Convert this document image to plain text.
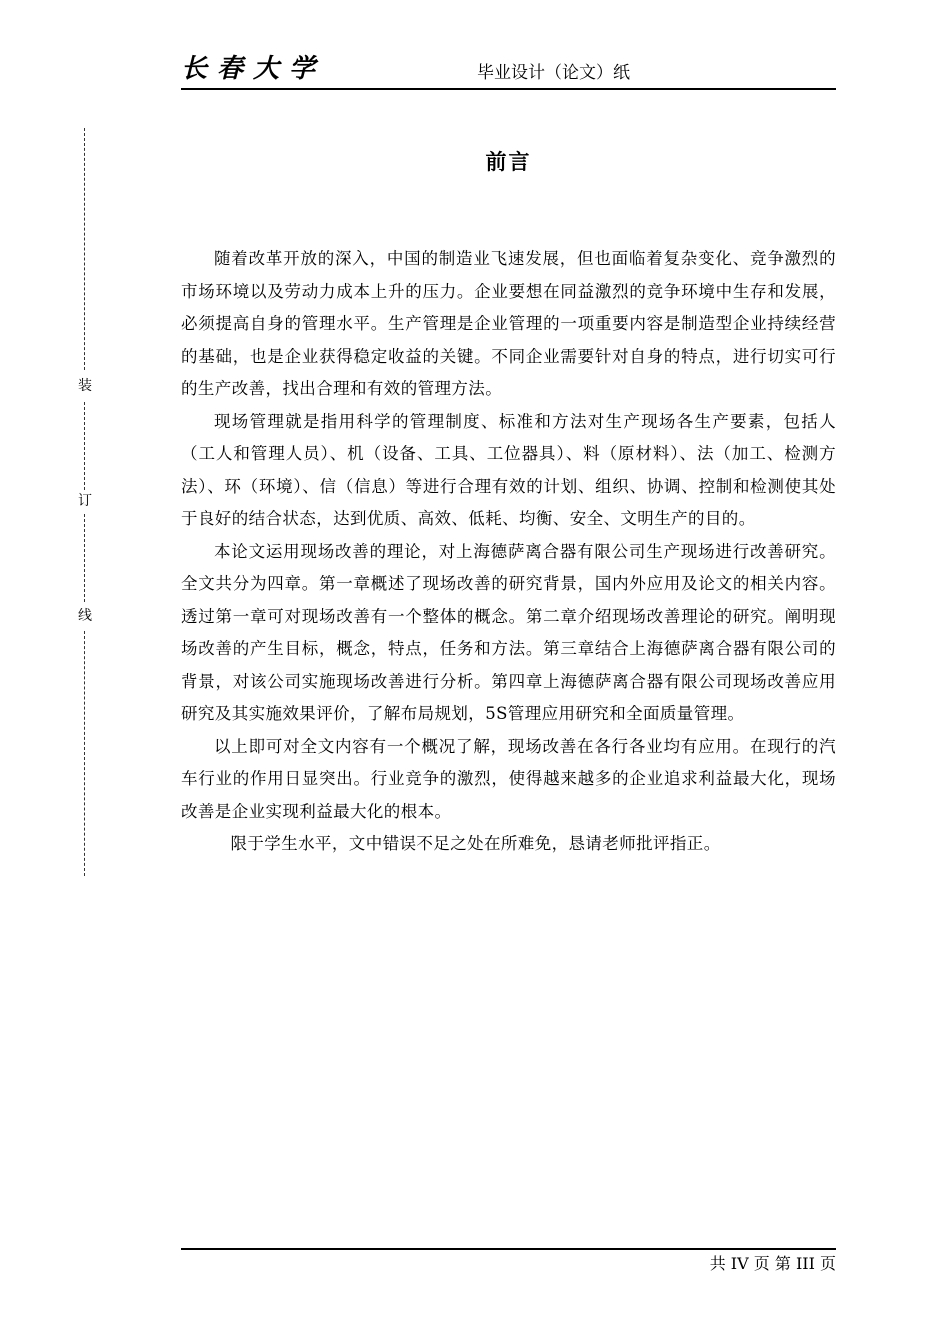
长春大学	毕业设计（论文）纸
装
订
线
前言

随着改革开放的深入，中国的制造业飞速发展，但也面临着复杂变化、竞争激烈的市场环境以及劳动力成本上升的压力。企业要想在同益激烈的竞争环境中生存和发展，必须提高自身的管理水平。生产管理是企业管理的一项重要内容是制造型企业持续经营的基础，也是企业获得稳定收益的关键。不同企业需要针对自身的特点，进行切实可行的生产改善，找出合理和有效的管理方法。

现场管理就是指用科学的管理制度、标准和方法对生产现场各生产要素，包括人（工人和管理人员）、机（设备、工具、工位器具）、料（原材料）、法（加工、检测方法）、环（环境）、信（信息）等进行合理有效的计划、组织、协调、控制和检测使其处于良好的结合状态，达到优质、高效、低耗、均衡、安全、文明生产的目的。

本论文运用现场改善的理论，对上海德萨离合器有限公司生产现场进行改善研究。全文共分为四章。第一章概述了现场改善的研究背景，国内外应用及论文的相关内容。透过第一章可对现场改善有一个整体的概念。第二章介绍现场改善理论的研究。阐明现场改善的产生目标，概念，特点，任务和方法。第三章结合上海德萨离合器有限公司的背景，对该公司实施现场改善进行分析。第四章上海德萨离合器有限公司现场改善应用研究及其实施效果评价，了解布局规划，5S管理应用研究和全面质量管理。

以上即可对全文内容有一个概况了解，现场改善在各行各业均有应用。在现行的汽车行业的作用日显突出。行业竞争的激烈，使得越来越多的企业追求利益最大化，现场改善是企业实现利益最大化的根本。

限于学生水平，文中错误不足之处在所难免，恳请老师批评指正。

共 IV 页 第 III 页
